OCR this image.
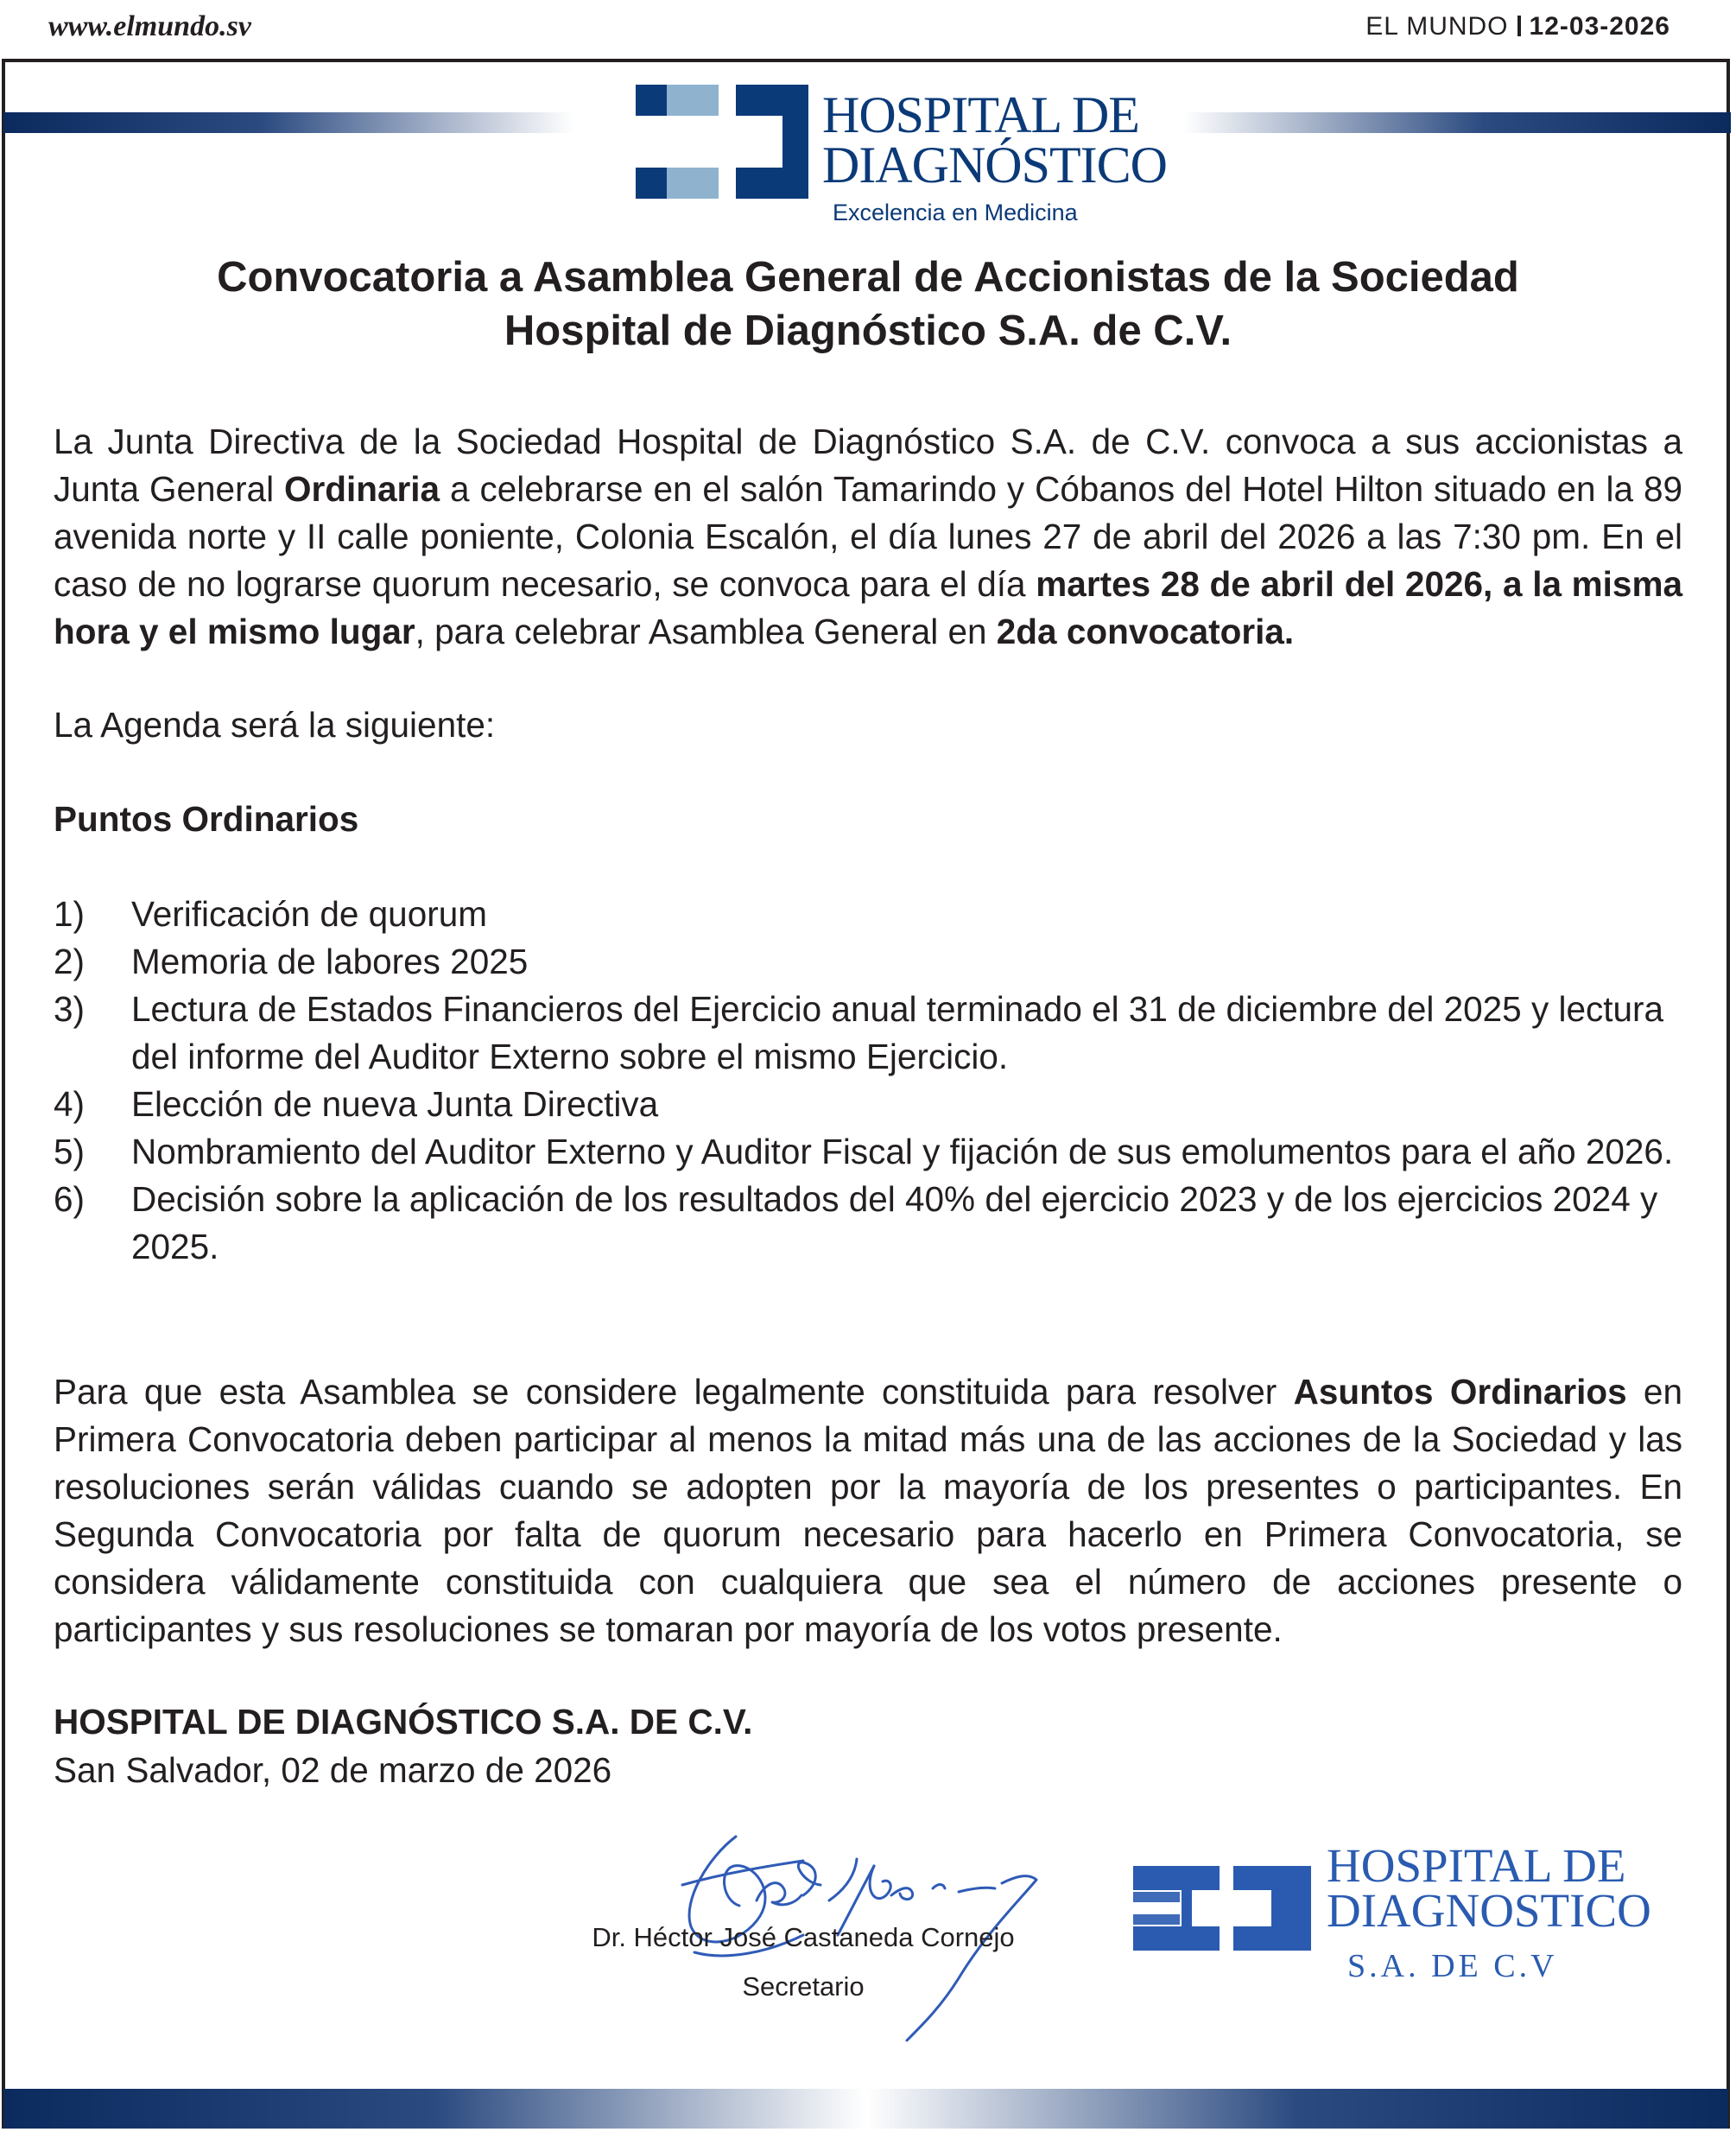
www.elmundo.sv	EL MUNDO 12-03-2026
HOSPITAL DE
DIAGNÓSTICO
Excelencia en Medicina
Convocatoria a Asamblea General de Accionistas de la Sociedad
Hospital de Diagnóstico S.A. de C.V.
La Junta Directiva de la Sociedad Hospital de Diagnóstico S.A. de C.V. convoca a sus accionistas a Junta General Ordinaria a celebrarse en el salón Tamarindo y Cóbanos del Hotel Hilton situado en la 89 avenida norte y II calle poniente, Colonia Escalón, el día lunes 27 de abril del 2026 a las 7:30 pm. En el caso de no lograrse quorum necesario, se convoca para el día martes 28 de abril del 2026, a la misma hora y el mismo lugar, para celebrar Asamblea General en 2da convocatoria.
La Agenda será la siguiente:
Puntos Ordinarios
1) Verificación de quorum
2) Memoria de labores 2025
3) Lectura de Estados Financieros del Ejercicio anual terminado el 31 de diciembre del 2025 y lectura del informe del Auditor Externo sobre el mismo Ejercicio.
4) Elección de nueva Junta Directiva
5) Nombramiento del Auditor Externo y Auditor Fiscal y fijación de sus emolumentos para el año 2026.
6) Decisión sobre la aplicación de los resultados del 40% del ejercicio 2023 y de los ejercicios 2024 y 2025.
Para que esta Asamblea se considere legalmente constituida para resolver Asuntos Ordinarios en Primera Convocatoria deben participar al menos la mitad más una de las acciones de la Sociedad y las resoluciones serán válidas cuando se adopten por la mayoría de los presentes o participantes. En Segunda Convocatoria por falta de quorum necesario para hacerlo en Primera Convocatoria, se considera válidamente constituida con cualquiera que sea el número de acciones presente o participantes y sus resoluciones se tomaran por mayoría de los votos presente.
HOSPITAL DE DIAGNÓSTICO S.A. DE C.V.
San Salvador, 02 de marzo de 2026
Dr. Héctor José Castaneda Cornejo
Secretario
HOSPITAL DE
DIAGNOSTICO
S.A. DE C.V
